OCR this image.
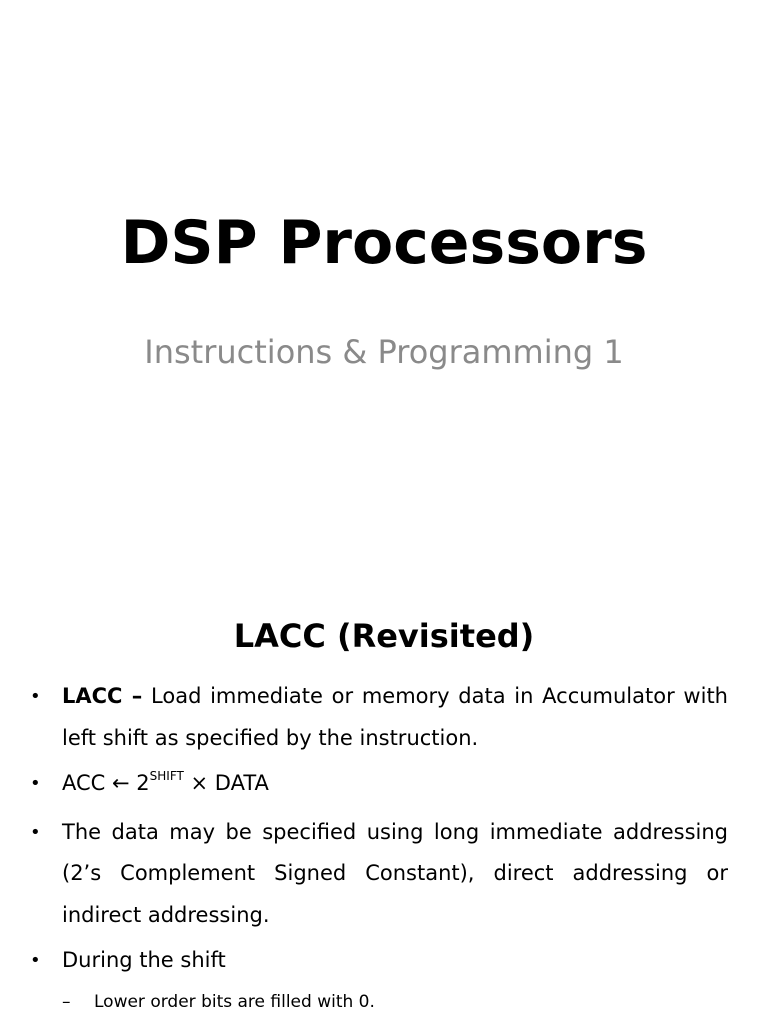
DSP Processors

Instructions & Programming 1

LACC (Revisited)
• LACC – Load immediate or memory data in Accumulator with left shift as specified by the instruction.
• ACC ← $2^{SHIFT}$ × DATA
• The data may be specified using long immediate addressing (2’s Complement Signed Constant), direct addressing or indirect addressing.
• During the shift
– Lower order bits are filled with 0.
